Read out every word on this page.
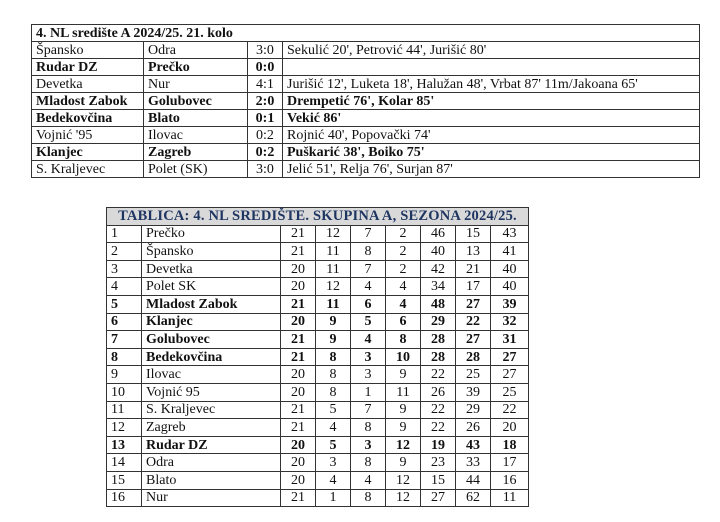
4. NL središte A 2024/25. 21. kolo			
Špansko	Odra	3:0	Sekulić 20', Petrović 44', Jurišić 80'
Rudar DZ	Prečko	0:0	
Devetka	Nur	4:1	Jurišić 12', Luketa 18', Halužan 48', Vrbat 87' 11m/Jakoana 65'
Mladost Zabok	Golubovec	2:0	Drempetić 76', Kolar 85'
Bedekovčina	Blato	0:1	Vekić 86'
Vojnić '95	Ilovac	0:2	Rojnić 40', Popovački 74'
Klanjec	Zagreb	0:2	Puškarić 38', Boiko 75'
S. Kraljevec	Polet (SK)	3:0	Jelić 51', Relja 76', Surjan 87'
TABLICA: 4. NL SREDIŠTE. SKUPINA A, SEZONA 2024/25.								
1	Prečko	21	12	7	2	46	15	43
2	Špansko	21	11	8	2	40	13	41
3	Devetka	20	11	7	2	42	21	40
4	Polet SK	20	12	4	4	34	17	40
5	Mladost Zabok	21	11	6	4	48	27	39
6	Klanjec	20	9	5	6	29	22	32
7	Golubovec	21	9	4	8	28	27	31
8	Bedekovčina	21	8	3	10	28	28	27
9	Ilovac	20	8	3	9	22	25	27
10	Vojnić 95	20	8	1	11	26	39	25
11	S. Kraljevec	21	5	7	9	22	29	22
12	Zagreb	21	4	8	9	22	26	20
13	Rudar DZ	20	5	3	12	19	43	18
14	Odra	20	3	8	9	23	33	17
15	Blato	20	4	4	12	15	44	16
16	Nur	21	1	8	12	27	62	11
